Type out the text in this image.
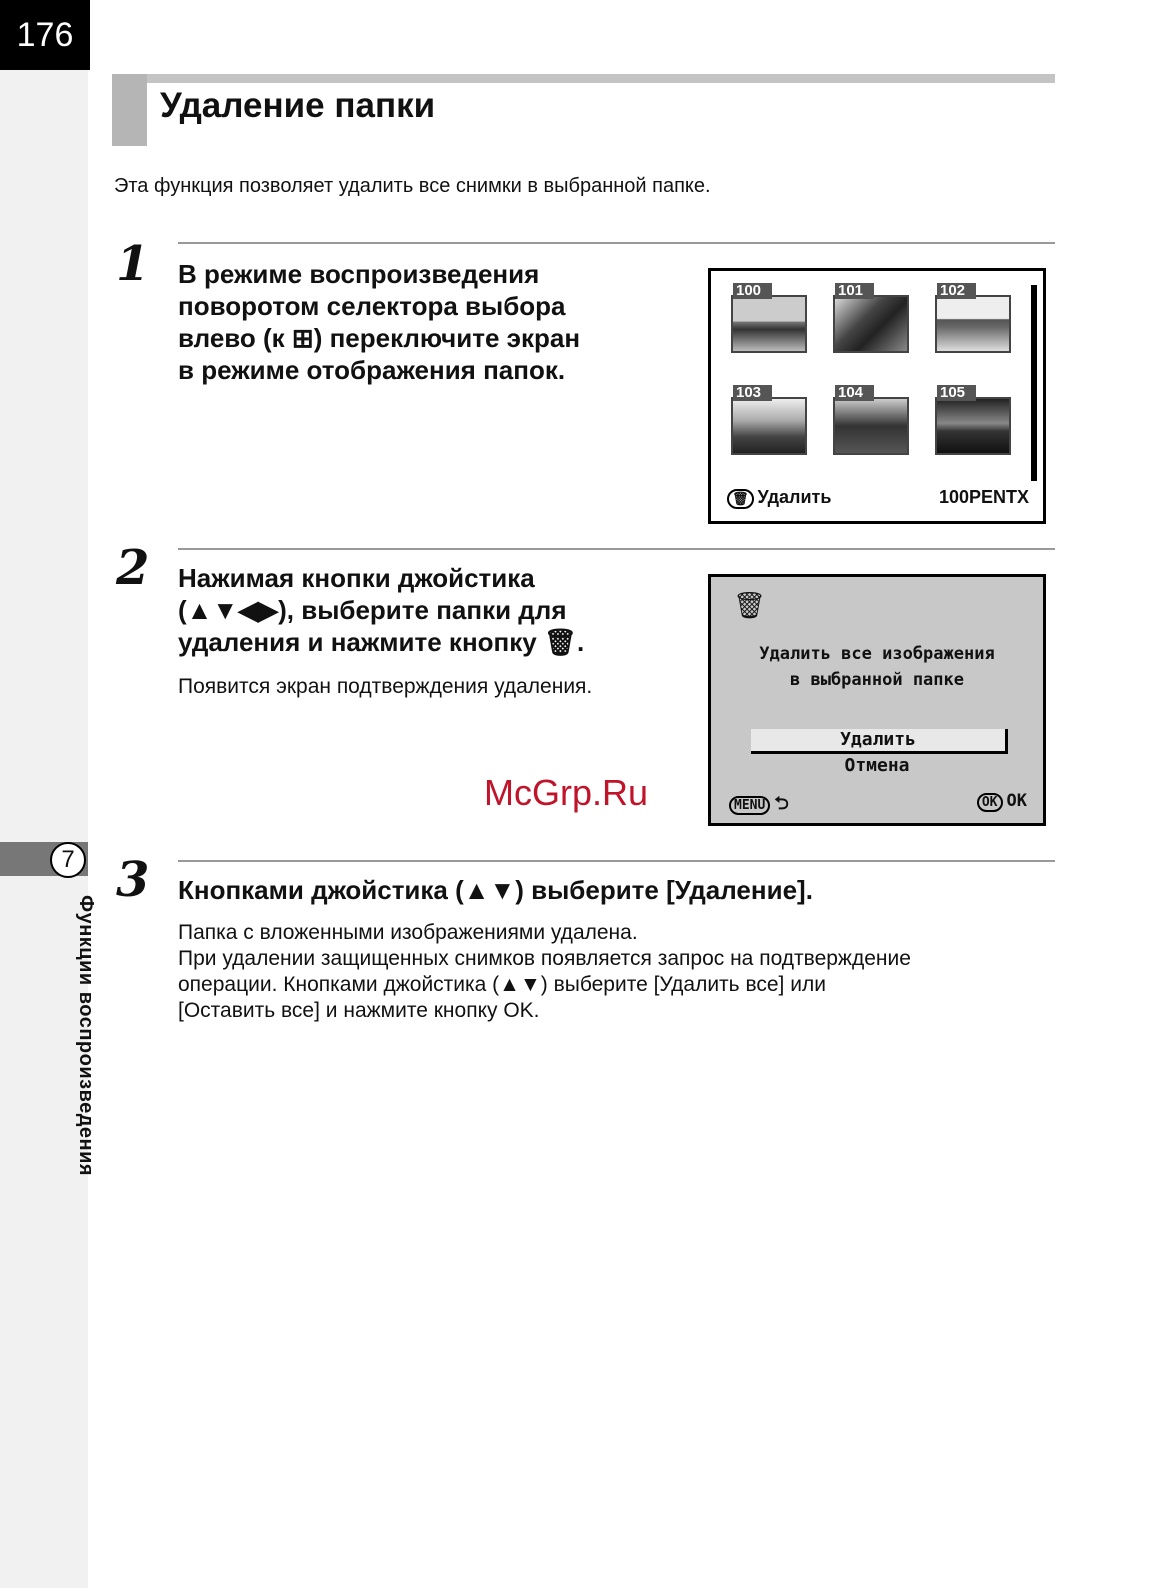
176
7
Функции воспроизведения
Удаление папки
Эта функция позволяет удалить все снимки в выбранной папке.
1 В режиме воспроизведения
поворотом селектора выбора
влево (к ⊞) переключите экран
в режиме отображения папок.
100	101	102
103	104	105
🗑 Удалить	100PENTX
2 Нажимая кнопки джойстика
(▲▼◀▶), выберите папки для
удаления и нажмите кнопку 🗑.
Появится экран подтверждения удаления.
🗑
Удалить все изображения
в выбранной папке
Удалить
Отмена
MENU ⮌	OK OK
McGrp.Ru
3 Кнопками джойстика (▲▼) выберите [Удаление].
Папка с вложенными изображениями удалена.
При удалении защищенных снимков появляется запрос на подтверждение
операции. Кнопками джойстика (▲▼) выберите [Удалить все] или
[Оставить все] и нажмите кнопку OK.
